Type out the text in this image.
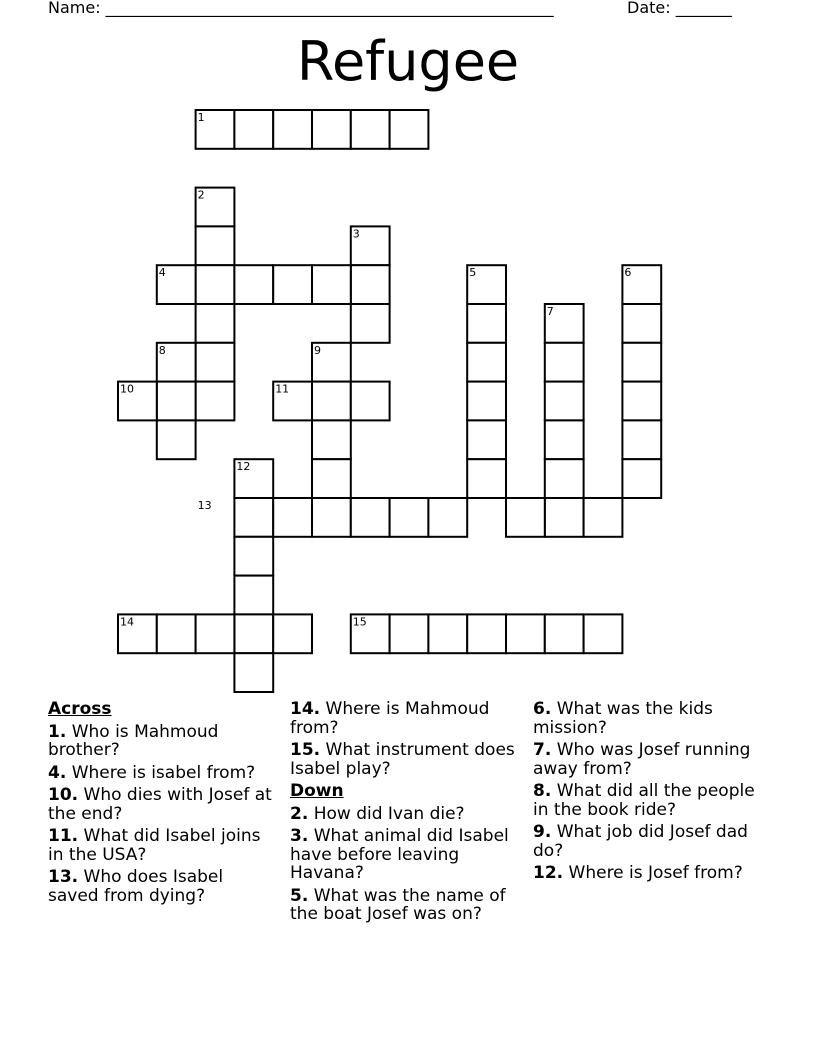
Name: ________________________________________________________	Date: _______
Refugee
1
2
3
4	5	6
7
8	9
10	11
12
13
14	15
Across
1. Who is Mahmoud brother?
4. Where is isabel from?
10. Who dies with Josef at the end?
11. What did Isabel joins in the USA?
13. Who does Isabel saved from dying?
14. Where is Mahmoud from?
15. What instrument does Isabel play?
Down
2. How did Ivan die?
3. What animal did Isabel have before leaving Havana?
5. What was the name of the boat Josef was on?
6. What was the kids mission?
7. Who was Josef running away from?
8. What did all the people in the book ride?
9. What job did Josef dad do?
12. Where is Josef from?
